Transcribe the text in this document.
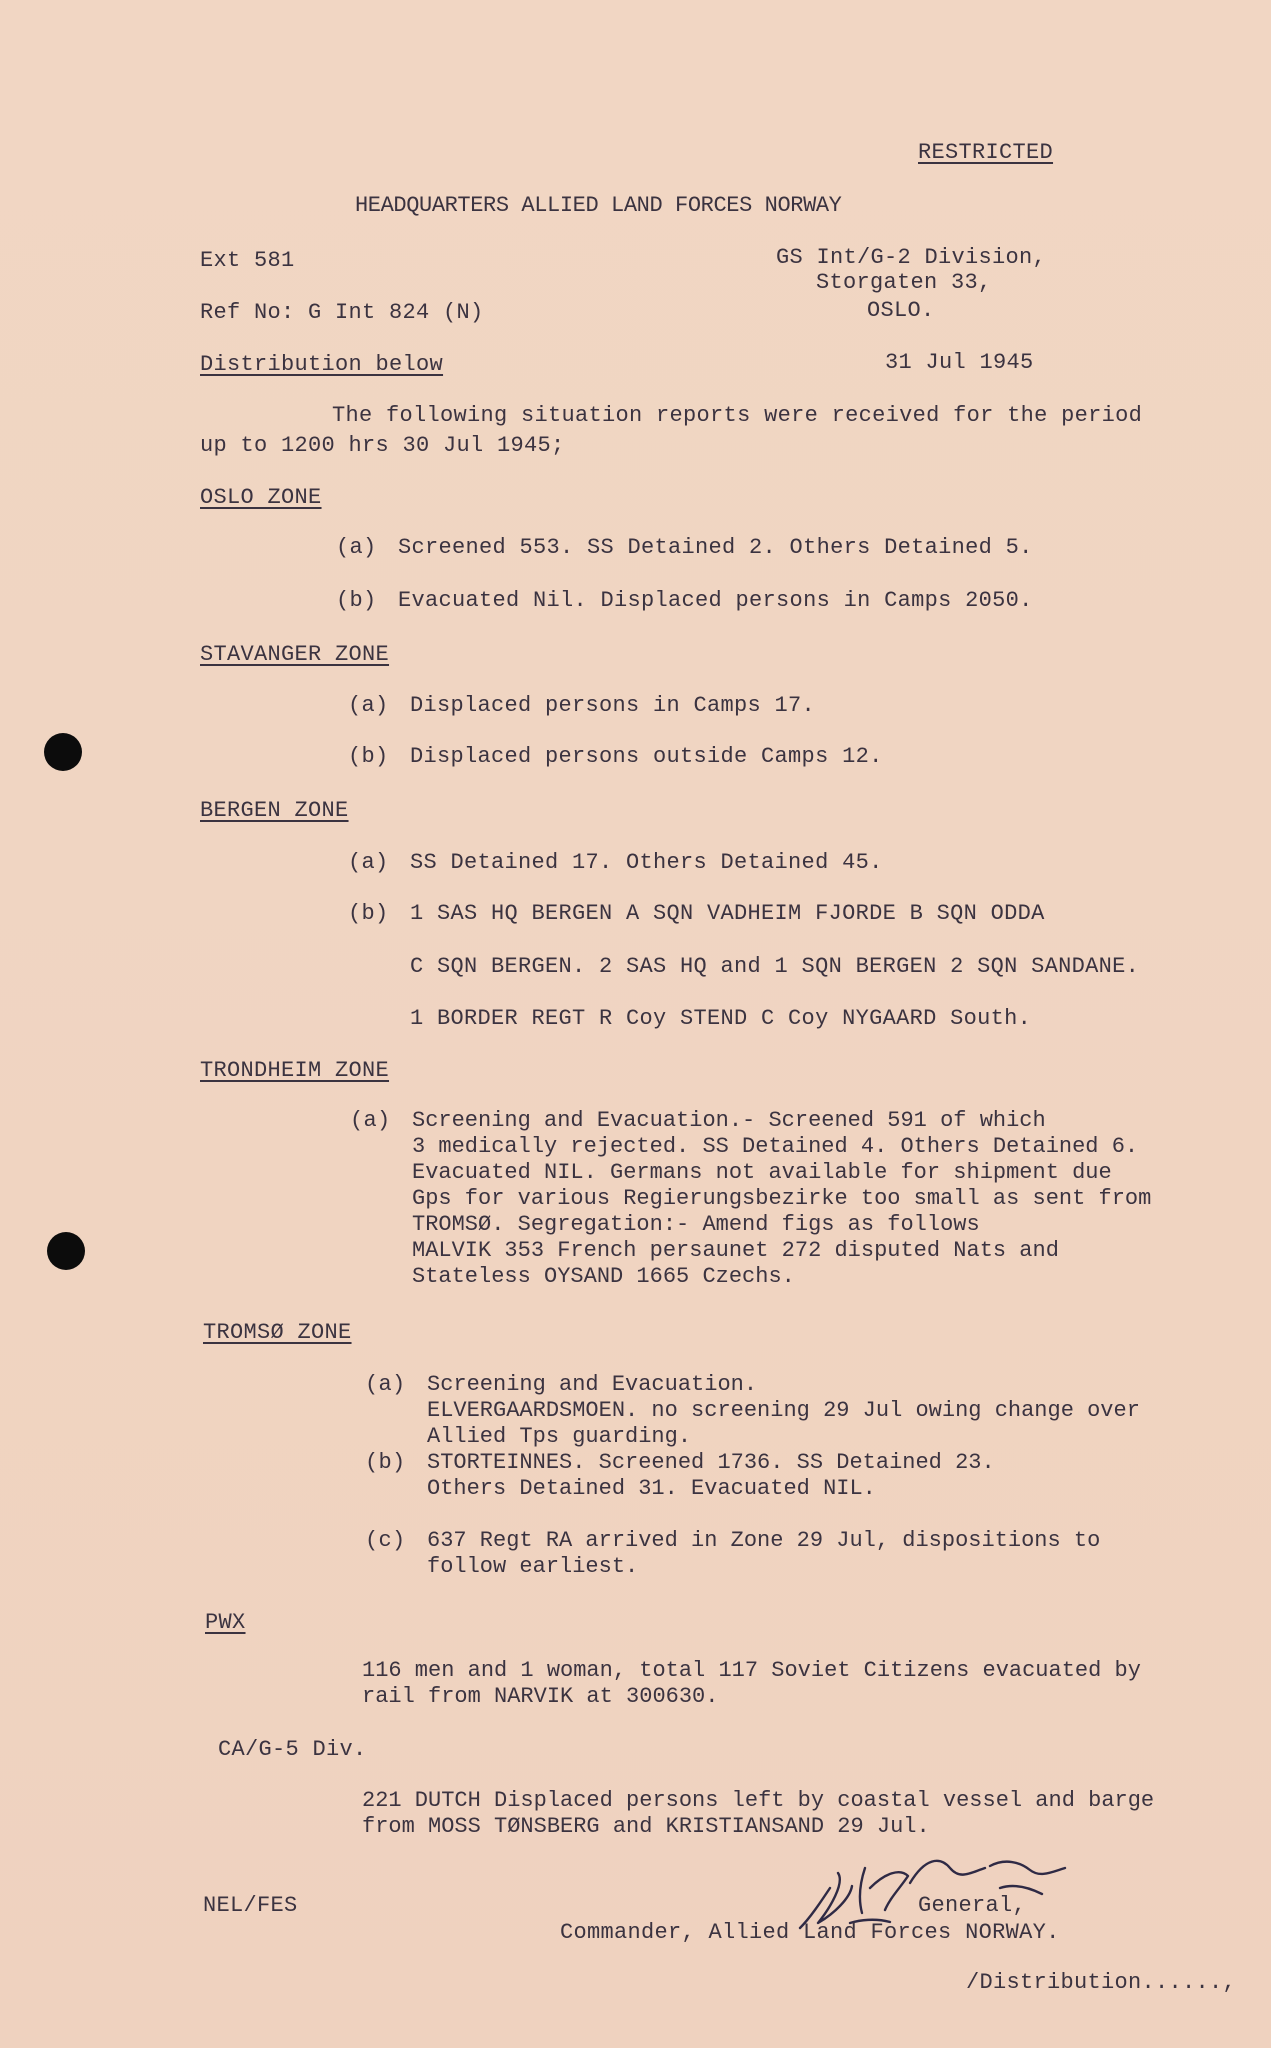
RESTRICTED
HEADQUARTERS ALLIED LAND FORCES NORWAY
Ext 581
Ref No: G Int 824 (N)
Distribution below
GS Int/G-2 Division,
Storgaten 33,
OSLO.
31 Jul 1945
The following situation reports were received for the period
up to 1200 hrs 30 Jul 1945;
OSLO ZONE
(a) Screened 553. SS Detained 2. Others Detained 5.
(b) Evacuated Nil. Displaced persons in Camps 2050.
STAVANGER ZONE
(a) Displaced persons in Camps 17.
(b) Displaced persons outside Camps 12.
BERGEN ZONE
(a) SS Detained 17. Others Detained 45.
(b) 1 SAS HQ BERGEN A SQN VADHEIM FJORDE B SQN ODDA
C SQN BERGEN. 2 SAS HQ and 1 SQN BERGEN 2 SQN SANDANE.
1 BORDER REGT R Coy STEND C Coy NYGAARD South.
TRONDHEIM ZONE
(a) Screening and Evacuation.- Screened 591 of which
3 medically rejected. SS Detained 4. Others Detained 6.
Evacuated NIL. Germans not available for shipment due
Gps for various Regierungsbezirke too small as sent from
TROMSØ. Segregation:- Amend figs as follows
MALVIK 353 French persaunet 272 disputed Nats and
Stateless OYSAND 1665 Czechs.
TROMSØ ZONE
(a) Screening and Evacuation.
ELVERGAARDSMOEN. no screening 29 Jul owing change over
Allied Tps guarding.
(b) STORTEINNES. Screened 1736. SS Detained 23.
Others Detained 31. Evacuated NIL.
(c) 637 Regt RA arrived in Zone 29 Jul, dispositions to
follow earliest.
PWX
116 men and 1 woman, total 117 Soviet Citizens evacuated by
rail from NARVIK at 300630.
CA/G-5 Div.
221 DUTCH Displaced persons left by coastal vessel and barge
from MOSS TØNSBERG and KRISTIANSAND 29 Jul.
General,
Commander, Allied Land Forces NORWAY.
NEL/FES
/Distribution......,
